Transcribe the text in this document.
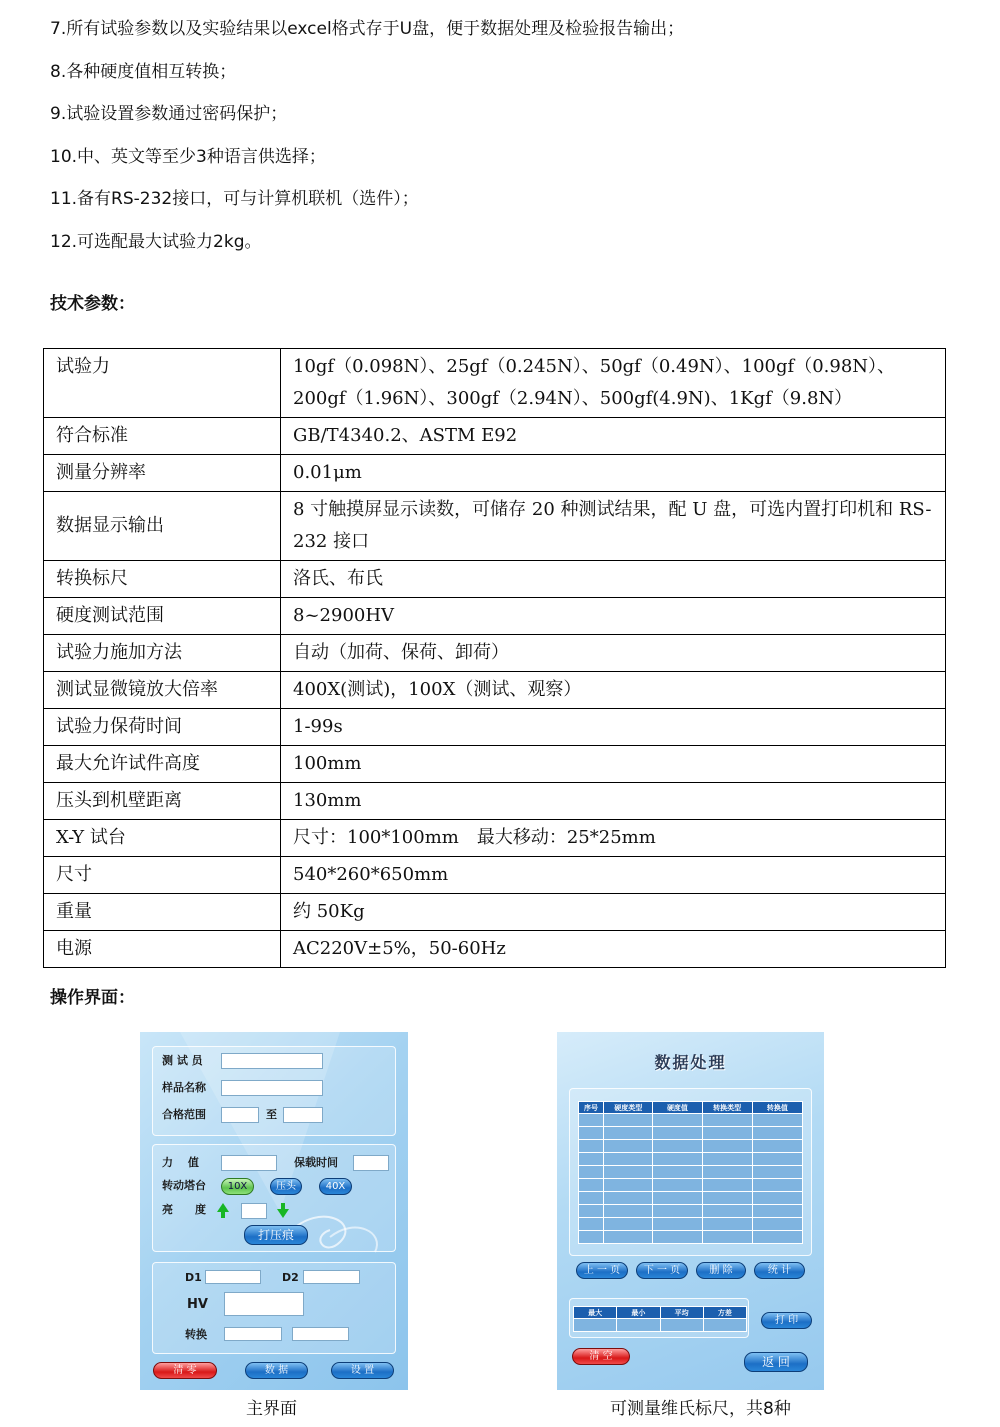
7.所有试验参数以及实验结果以excel格式存于U盘，便于数据处理及检验报告输出；
8.各种硬度值相互转换；
9.试验设置参数通过密码保护；
10.中、英文等至少3种语言供选择；
11.备有RS-232接口，可与计算机联机（选件）；
12.可选配最大试验力2kg。
技术参数：
试验力	10gf（0.098N）、25gf（0.245N）、50gf（0.49N）、100gf（0.98N）、200gf（1.96N）、300gf（2.94N）、500gf(4.9N)、1Kgf（9.8N）
符合标准	GB/T4340.2、ASTM E92
测量分辨率	0.01μm
数据显示输出	8 寸触摸屏显示读数，可储存 20 种测试结果，配 U 盘，可选内置打印机和 RS-232 接口
转换标尺	洛氏、布氏
硬度测试范围	8~2900HV
试验力施加方法	自动（加荷、保荷、卸荷）
测试显微镜放大倍率	400X(测试)，100X（测试、观察）
试验力保荷时间	1-99s
最大允许试件高度	100mm
压头到机壁距离	130mm
X-Y 试台	尺寸：100*100mm　最大移动：25*25mm
尺寸	540*260*650mm
重量	约 50Kg
电源	AC220V±5%，50-60Hz
操作界面：
测 试 员
样品名称
合格范围	至
力　 值	保载时间
转动塔台	10X	压头	40X
亮　　度
打压痕
D1	D2
HV
转换
清 零	数 据	设 置
数据处理
序号	硬度类型	硬度值	转换类型	转换值

上 一 页	下 一 页	删 除	统 计
最大	最小	平均	方差

打 印
清 空	返 回
主界面	可测量维氏标尺，共8种
